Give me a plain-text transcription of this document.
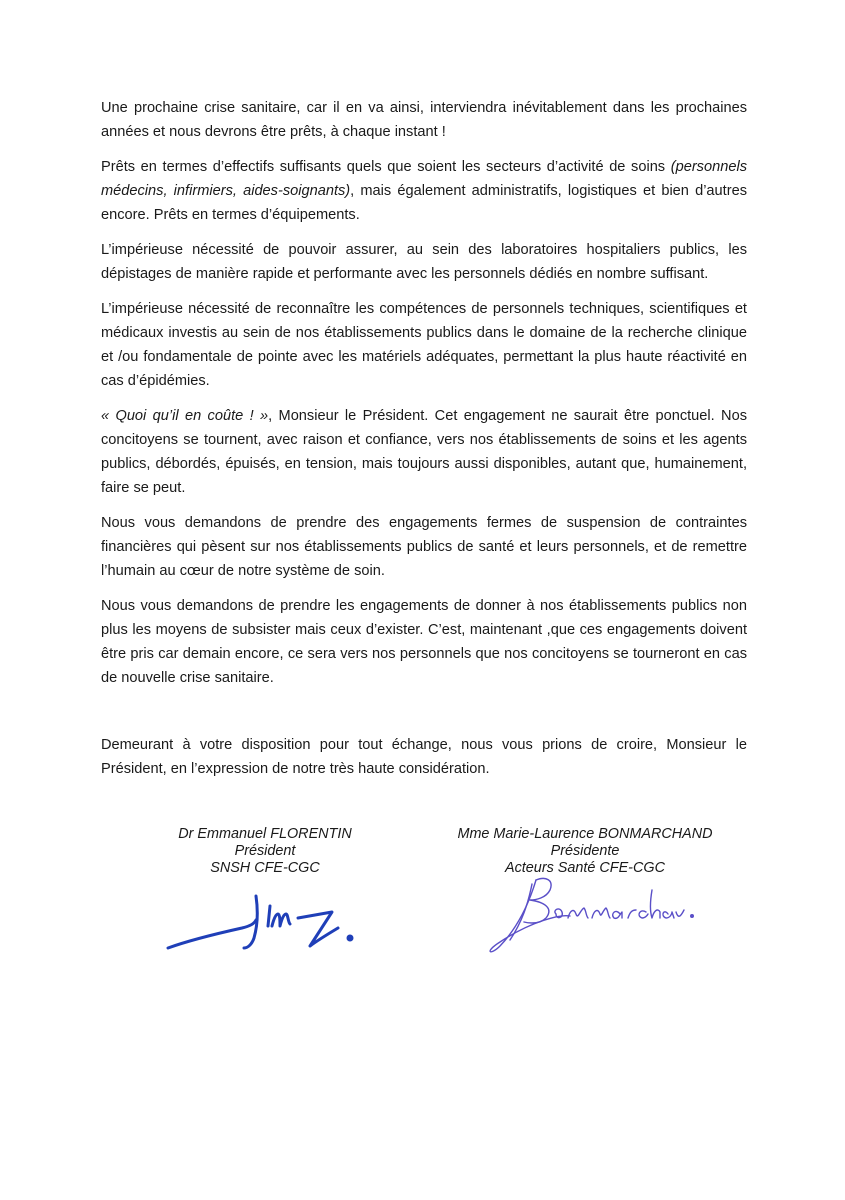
Une prochaine crise sanitaire, car il en va ainsi, interviendra inévitablement dans les prochaines années et nous devrons être prêts, à chaque instant !

Prêts en termes d’effectifs suffisants quels que soient les secteurs d’activité de soins (personnels médecins, infirmiers, aides-soignants), mais également administratifs, logistiques et bien d’autres encore. Prêts en termes d’équipements.

L’impérieuse nécessité de pouvoir assurer, au sein des laboratoires hospitaliers publics, les dépistages de manière rapide et performante avec les personnels dédiés en nombre suffisant.

L’impérieuse nécessité de reconnaître les compétences de personnels techniques, scientifiques et médicaux investis au sein de nos établissements publics dans le domaine de la recherche clinique et /ou fondamentale de pointe avec les matériels adéquates, permettant la plus haute réactivité en cas d’épidémies.

« Quoi qu’il en coûte ! », Monsieur le Président. Cet engagement ne saurait être ponctuel. Nos concitoyens se tournent, avec raison et confiance, vers nos établissements de soins et les agents publics, débordés, épuisés, en tension, mais toujours aussi disponibles, autant que, humainement, faire se peut.

Nous vous demandons de prendre des engagements fermes de suspension de contraintes financières qui pèsent sur nos établissements publics de santé et leurs personnels, et de remettre l’humain au cœur de notre système de soin.

Nous vous demandons de prendre les engagements de donner à nos établissements publics non plus les moyens de subsister mais ceux d’exister. C’est, maintenant ,que ces engagements doivent être pris car demain encore, ce sera vers nos personnels que nos concitoyens se tourneront en cas de nouvelle crise sanitaire.

Demeurant à votre disposition pour tout échange, nous vous prions de croire, Monsieur le Président, en l’expression de notre très haute considération.

Dr Emmanuel FLORENTIN
Président
SNSH CFE-CGC
Mme Marie-Laurence BONMARCHAND
Présidente
Acteurs Santé CFE-CGC
